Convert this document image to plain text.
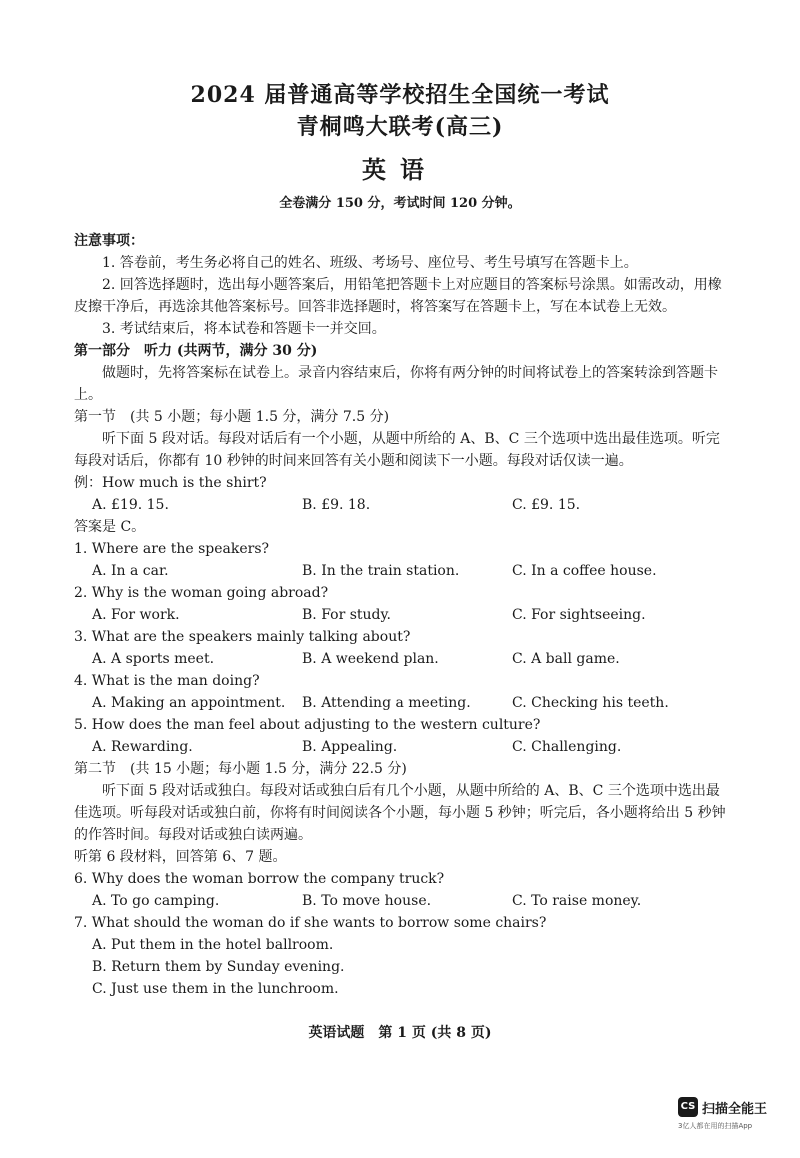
2024 届普通高等学校招生全国统一考试
青桐鸣大联考(高三)
英语
全卷满分 150 分，考试时间 120 分钟。

注意事项：

1. 答卷前，考生务必将自己的姓名、班级、考场号、座位号、考生号填写在答题卡上。

2. 回答选择题时，选出每小题答案后，用铅笔把答题卡上对应题目的答案标号涂黑。如需改动，用橡皮擦干净后，再选涂其他答案标号。回答非选择题时，将答案写在答题卡上，写在本试卷上无效。

3. 考试结束后，将本试卷和答题卡一并交回。

第一部分　听力 (共两节，满分 30 分)

做题时，先将答案标在试卷上。录音内容结束后，你将有两分钟的时间将试卷上的答案转涂到答题卡上。

第一节　(共 5 小题；每小题 1.5 分，满分 7.5 分)

听下面 5 段对话。每段对话后有一个小题，从题中所给的 A、B、C 三个选项中选出最佳选项。听完每段对话后，你都有 10 秒钟的时间来回答有关小题和阅读下一小题。每段对话仅读一遍。

例：How much is the shirt?

A. £19. 15.	B. £9. 18.	C. £9. 15.

答案是 C。

1. Where are the speakers?

A. In a car.	B. In the train station.	C. In a coffee house.

2. Why is the woman going abroad?

A. For work.	B. For study.	C. For sightseeing.

3. What are the speakers mainly talking about?

A. A sports meet.	B. A weekend plan.	C. A ball game.

4. What is the man doing?

A. Making an appointment.	B. Attending a meeting.	C. Checking his teeth.

5. How does the man feel about adjusting to the western culture?

A. Rewarding.	B. Appealing.	C. Challenging.

第二节　(共 15 小题；每小题 1.5 分，满分 22.5 分)

听下面 5 段对话或独白。每段对话或独白后有几个小题，从题中所给的 A、B、C 三个选项中选出最佳选项。听每段对话或独白前，你将有时间阅读各个小题，每小题 5 秒钟；听完后，各小题将给出 5 秒钟的作答时间。每段对话或独白读两遍。

听第 6 段材料，回答第 6、7 题。

6. Why does the woman borrow the company truck?

A. To go camping.	B. To move house.	C. To raise money.

7. What should the woman do if she wants to borrow some chairs?

A. Put them in the hotel ballroom.

B. Return them by Sunday evening.

C. Just use them in the lunchroom.

英语试题　第 1 页 (共 8 页)
CS 扫描全能王
3亿人都在用的扫描App
